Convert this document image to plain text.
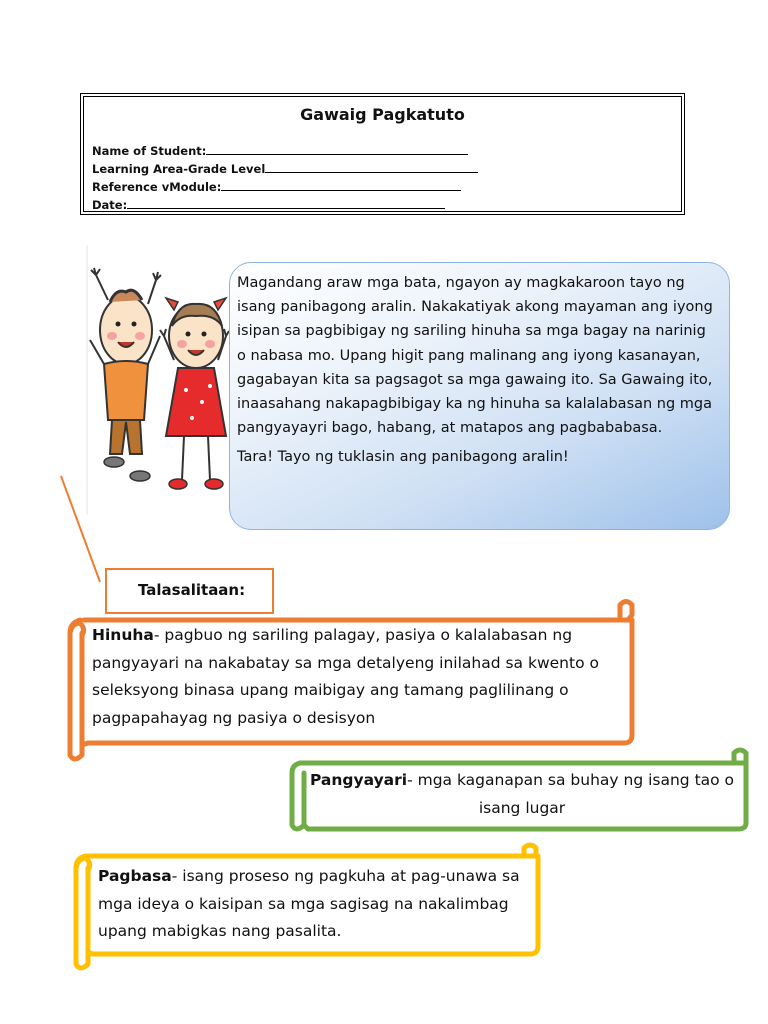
Gawaig Pagkatuto
Name of Student:
Learning Area-Grade Level
Reference vModule:
Date:

Magandang araw mga bata, ngayon ay magkakaroon tayo ng isang panibagong aralin. Nakakatiyak akong mayaman ang iyong isipan sa pagbibigay ng sariling hinuha sa mga bagay na narinig o nabasa mo. Upang higit pang malinang ang iyong kasanayan, gagabayan kita sa pagsagot sa mga gawaing ito. Sa Gawaing ito, inaasahang nakapagbibigay ka ng hinuha sa kalalabasan ng mga pangyayayri bago, habang, at matapos ang pagbababasa.

Tara! Tayo ng tuklasin ang panibagong aralin!

Talasalitaan:
Hinuha- pagbuo ng sariling palagay, pasiya o kalalabasan ng pangyayari na nakabatay sa mga detalyeng inilahad sa kwento o seleksyong binasa upang maibigay ang tamang paglilinang o pagpapahayag ng pasiya o desisyon
Pangyayari- mga kaganapan sa buhay ng isang tao o isang lugar
Pagbasa- isang proseso ng pagkuha at pag-unawa sa mga ideya o kaisipan sa mga sagisag na nakalimbag upang mabigkas nang pasalita.
